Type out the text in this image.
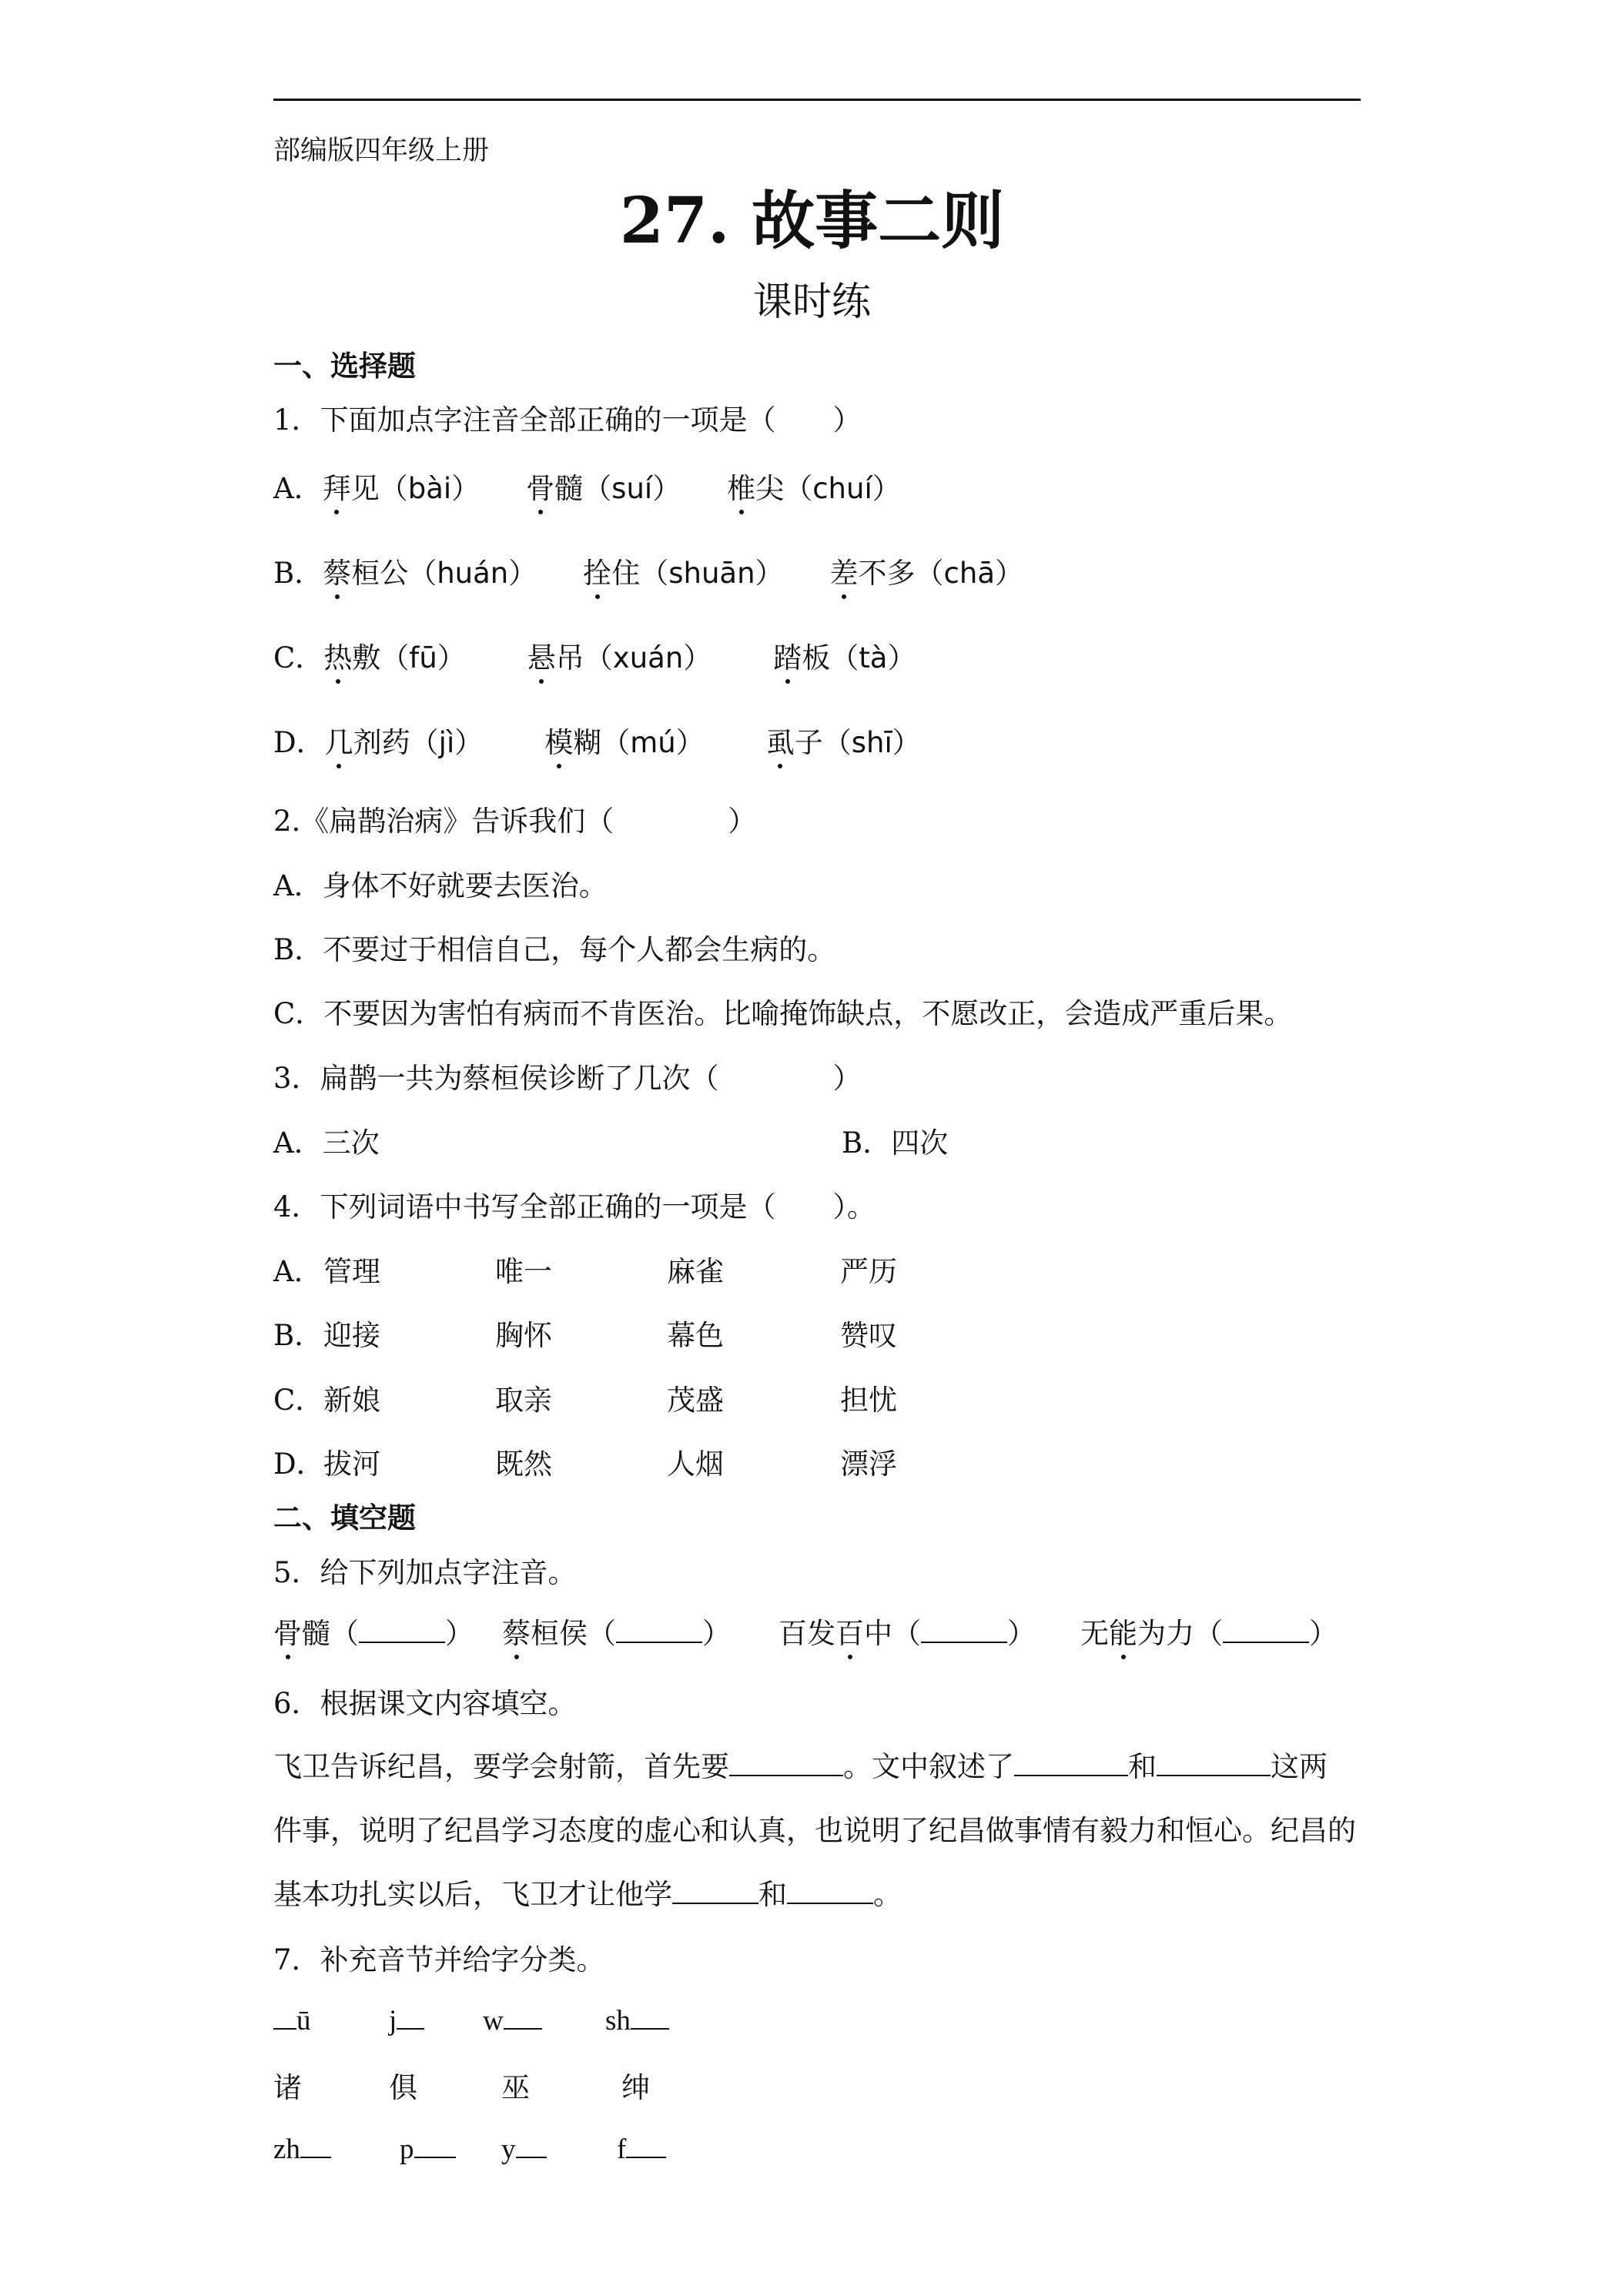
部编版四年级上册
27. 故事二则
课时练
一、选择题
1．下面加点字注音全部正确的一项是（　　）
A．拜见（bài） 骨髓（suí） 椎尖（chuí）
B．蔡桓公（huán） 拴住（shuān） 差不多（chā）
C．热敷（fū） 悬吊（xuán） 踏板（tà）
D．几剂药（jì） 模糊（mú） 虱子（shī）
2.《扁鹊治病》告诉我们（　　　　）
A．身体不好就要去医治。
B．不要过于相信自己，每个人都会生病的。
C．不要因为害怕有病而不肯医治。比喻掩饰缺点，不愿改正，会造成严重后果。
3．扁鹊一共为蔡桓侯诊断了几次（　　　　）
A．三次	B．四次
4．下列词语中书写全部正确的一项是（　　）。
A． 管理	唯一	麻雀	严历
B． 迎接	胸怀	幕色	赞叹
C． 新娘	取亲	茂盛	担忧
D．
拔河	既然	人烟	漂浮
二、填空题
5．给下列加点字注音。
骨髓（	） 蔡桓侯（	） 百发百中（	） 无能为力（	）
6．根据课文内容填空。
飞卫告诉纪昌，要学会射箭，首先要	。文中叙述了	和	这两
件事，说明了纪昌学习态度的虚心和认真，也说明了纪昌做事情有毅力和恒心。纪昌的
基本功扎实以后，飞卫才让他学	和	。
7．补充音节并给字分类。
ū	j	w	sh
诸	俱	巫	绅
zh	p	y	f
